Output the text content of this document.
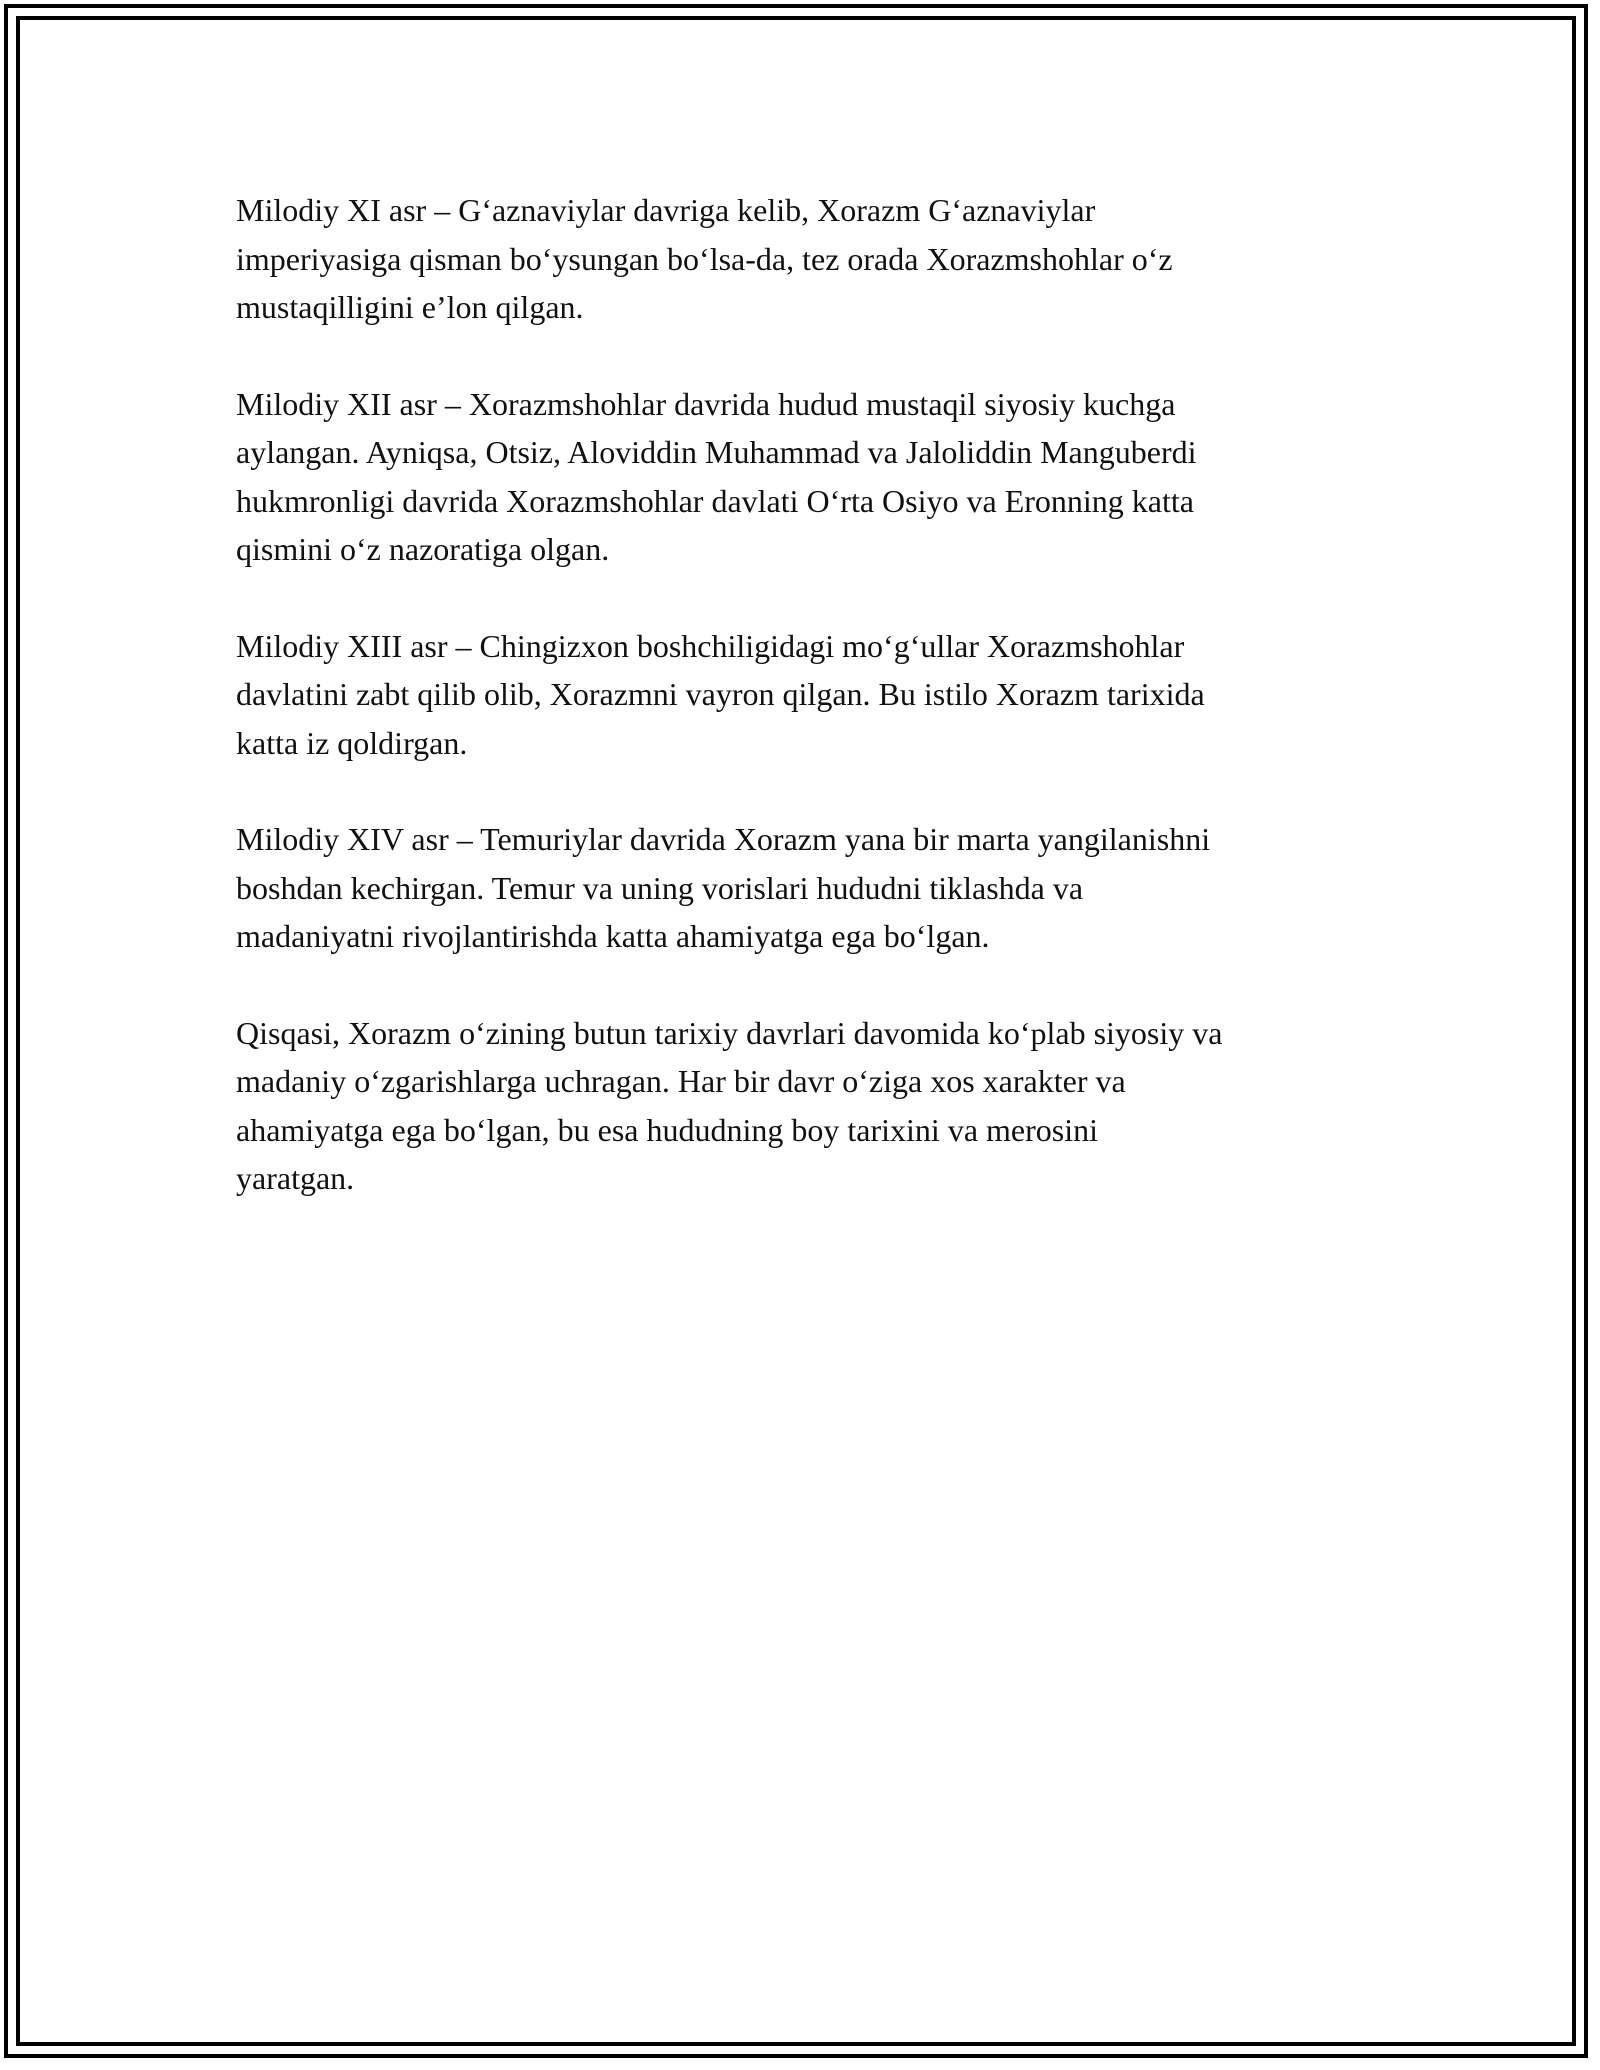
Milodiy XI asr – G‘aznaviylar davriga kelib, Xorazm G‘aznaviylar
imperiyasiga qisman bo‘ysungan bo‘lsa-da, tez orada Xorazmshohlar o‘z
mustaqilligini e’lon qilgan.

Milodiy XII asr – Xorazmshohlar davrida hudud mustaqil siyosiy kuchga
aylangan. Ayniqsa, Otsiz, Aloviddin Muhammad va Jaloliddin Manguberdi
hukmronligi davrida Xorazmshohlar davlati O‘rta Osiyo va Eronning katta
qismini o‘z nazoratiga olgan.

Milodiy XIII asr – Chingizxon boshchiligidagi mo‘g‘ullar Xorazmshohlar
davlatini zabt qilib olib, Xorazmni vayron qilgan. Bu istilo Xorazm tarixida
katta iz qoldirgan.

Milodiy XIV asr – Temuriylar davrida Xorazm yana bir marta yangilanishni
boshdan kechirgan. Temur va uning vorislari hududni tiklashda va
madaniyatni rivojlantirishda katta ahamiyatga ega bo‘lgan.

Qisqasi, Xorazm o‘zining butun tarixiy davrlari davomida ko‘plab siyosiy va
madaniy o‘zgarishlarga uchragan. Har bir davr o‘ziga xos xarakter va
ahamiyatga ega bo‘lgan, bu esa hududning boy tarixini va merosini
yaratgan.
